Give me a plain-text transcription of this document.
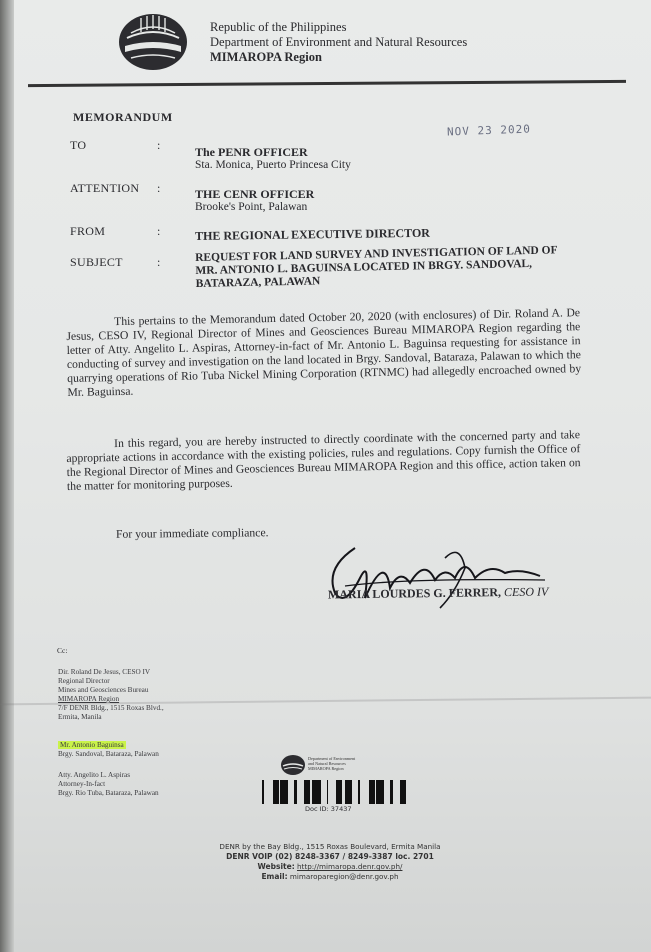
Republic of the Philippines
Department of Environment and Natural Resources
MIMAROPA Region
MEMORANDUM
NOV 23 2020
TO	:	The PENR OFFICER
Sta. Monica, Puerto Princesa City
ATTENTION :	THE CENR OFFICER
Brooke's Point, Palawan
FROM	:	THE REGIONAL EXECUTIVE DIRECTOR
SUBJECT	:	REQUEST FOR LAND SURVEY AND INVESTIGATION OF LAND OF MR. ANTONIO L. BAGUINSA LOCATED IN BRGY. SANDOVAL, BATARAZA, PALAWAN
This pertains to the Memorandum dated October 20, 2020 (with enclosures) of Dir. Roland A. De Jesus, CESO IV, Regional Director of Mines and Geosciences Bureau MIMAROPA Region regarding the letter of Atty. Angelito L. Aspiras, Attorney-in-fact of Mr. Antonio L. Baguinsa requesting for assistance in conducting of survey and investigation on the land located in Brgy. Sandoval, Bataraza, Palawan to which the quarrying operations of Rio Tuba Nickel Mining Corporation (RTNMC) had allegedly encroached owned by Mr. Baguinsa.
In this regard, you are hereby instructed to directly coordinate with the concerned party and take appropriate actions in accordance with the existing policies, rules and regulations. Copy furnish the Office of the Regional Director of Mines and Geosciences Bureau MIMAROPA Region and this office, action taken on the matter for monitoring purposes.
For your immediate compliance.
MARIA LOURDES G. FERRER, CESO IV
Cc:
Dir. Roland De Jesus, CESO IV
Regional Director
Mines and Geosciences Bureau
MIMAROPA Region
7/F DENR Bldg., 1515 Roxas Blvd.,
Ermita, Manila
Mr. Antonio Baguinsa
Brgy. Sandoval, Bataraza, Palawan
Atty. Angelito L. Aspiras
Attorney-In-fact
Brgy. Rio Tuba, Bataraza, Palawan
Department of Environment
and Natural Resources
MIMAROPA Region
Doc ID: 37437
DENR by the Bay Bldg., 1515 Roxas Boulevard, Ermita Manila
DENR VOIP (02) 8248-3367 / 8249-3387 loc. 2701
Website: http://mimaropa.denr.gov.ph/
Email: mimaroparegion@denr.gov.ph
